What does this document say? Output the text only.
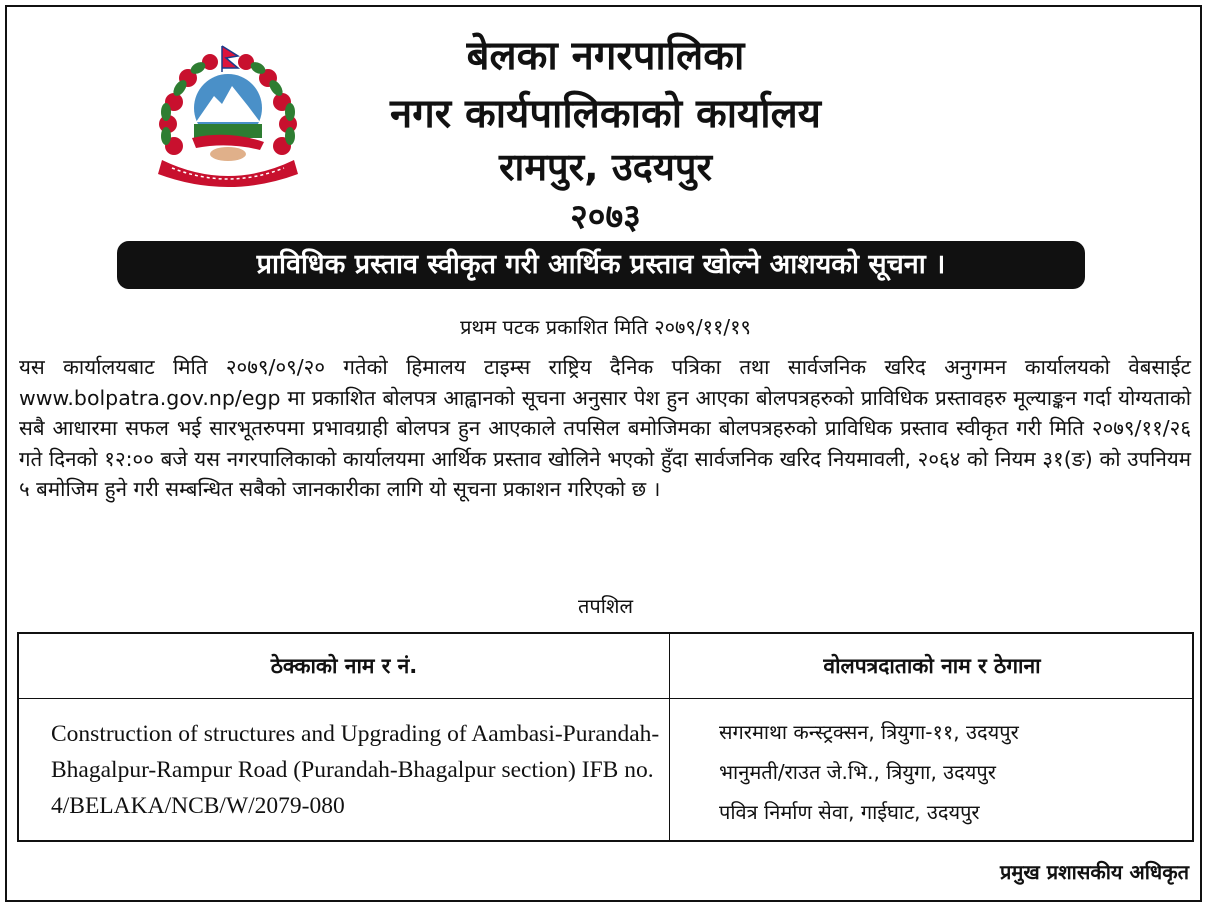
बेलका नगरपालिका
नगर कार्यपालिकाको कार्यालय
रामपुर, उदयपुर
२०७३
प्राविधिक प्रस्ताव स्वीकृत गरी आर्थिक प्रस्ताव खोल्ने आशयको सूचना ।
प्रथम पटक प्रकाशित मिति २०७९/११/१९

यस कार्यालयबाट मिति २०७९/०९/२० गतेको हिमालय टाइम्स राष्ट्रिय दैनिक पत्रिका तथा सार्वजनिक खरिद अनुगमन कार्यालयको वेबसाईट www.bolpatra.gov.np/egp मा प्रकाशित बोलपत्र आह्वानको सूचना अनुसार पेश हुन आएका बोलपत्रहरुको प्राविधिक प्रस्तावहरु मूल्याङ्कन गर्दा योग्यताको सबै आधारमा सफल भई सारभूतरुपमा प्रभावग्राही बोलपत्र हुन आएकाले तपसिल बमोजिमका बोलपत्रहरुको प्राविधिक प्रस्ताव स्वीकृत गरी मिति २०७९/११/२६ गते दिनको १२:०० बजे यस नगरपालिकाको कार्यालयमा आर्थिक प्रस्ताव खोलिने भएको हुँदा सार्वजनिक खरिद नियमावली, २०६४ को नियम ३१(ङ) को उपनियम ५ बमोजिम हुने गरी सम्बन्धित सबैको जानकारीका लागि यो सूचना प्रकाशन गरिएको छ ।

तपशिल
ठेक्काको नाम र नं.	वोलपत्रदाताको नाम र ठेगाना
Construction of structures and Upgrading of Aambasi-Purandah-Bhagalpur-Rampur Road (Purandah-Bhagalpur section) IFB no. 4/BELAKA/NCB/W/2079-080
सगरमाथा कन्स्ट्रक्सन, त्रियुगा-११, उदयपुर
भानुमती/राउत जे.भि., त्रियुगा, उदयपुर
पवित्र निर्माण सेवा, गाईघाट, उदयपुर
प्रमुख प्रशासकीय अधिकृत
